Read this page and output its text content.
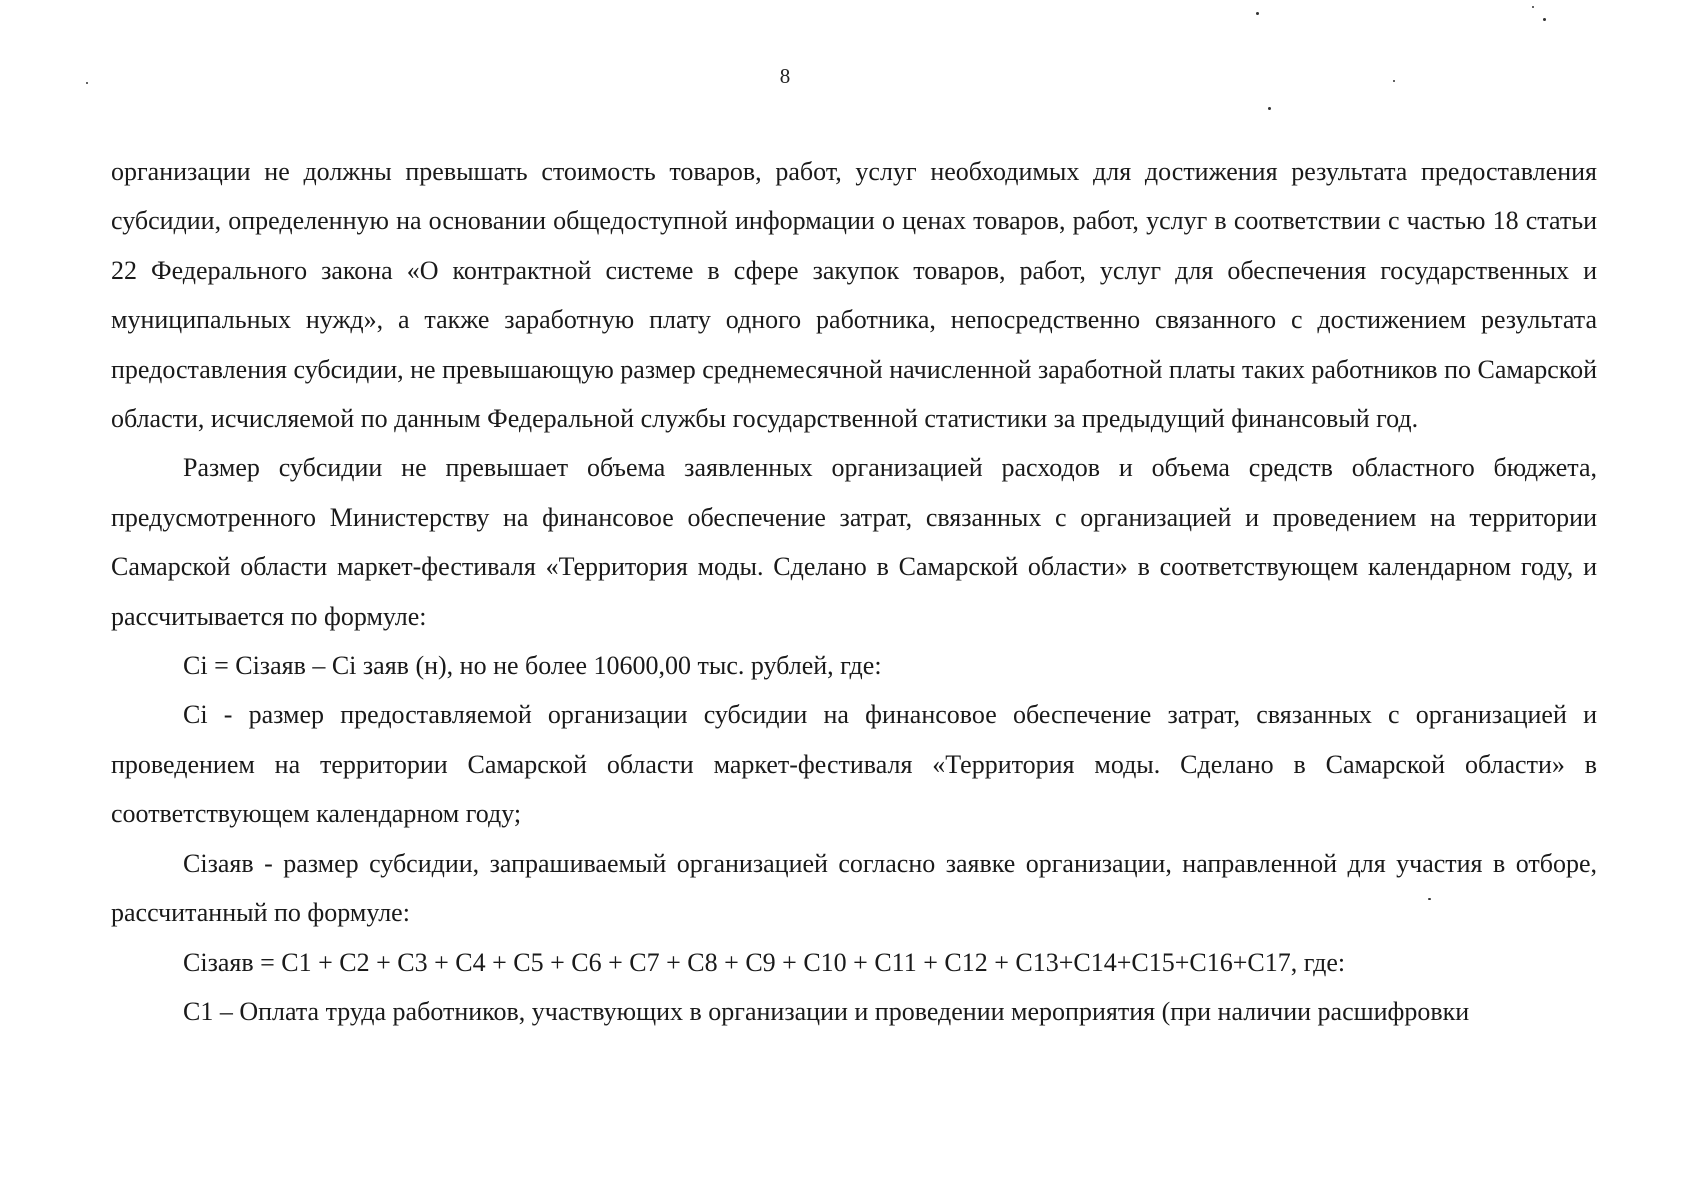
8

организации не должны превышать стоимость товаров, работ, услуг необходимых для достижения результата предоставления субсидии, определенную на основании общедоступной информации о ценах товаров, работ, услуг в соответствии с частью 18 статьи 22 Федерального закона «О контрактной системе в сфере закупок товаров, работ, услуг для обеспечения государственных и муниципальных нужд», а также заработную плату одного работника, непосредственно связанного с достижением результата предоставления субсидии, не превышающую размер среднемесячной начисленной заработной платы таких работников по Самарской области, исчисляемой по данным Федеральной службы государственной статистики за предыдущий финансовый год.

Размер субсидии не превышает объема заявленных организацией расходов и объема средств областного бюджета, предусмотренного Министерству на финансовое обеспечение затрат, связанных с организацией и проведением на территории Самарской области маркет-фестиваля «Территория моды. Сделано в Самарской области» в соответствующем календарном году, и рассчитывается по формуле:

Сi = Сiзаяв – Сi заяв (н), но не более 10600,00 тыс. рублей, где:

Сi - размер предоставляемой организации субсидии на финансовое обеспечение затрат, связанных с организацией и проведением на территории Самарской области маркет-фестиваля «Территория моды. Сделано в Самарской области» в соответствующем календарном году;

Сiзаяв - размер субсидии, запрашиваемый организацией согласно заявке организации, направленной для участия в отборе, рассчитанный по формуле:

Сiзаяв = С1 + С2 + С3 + С4 + С5 + С6 + С7 + С8 + С9 + С10 + С11 + С12 + С13+С14+С15+С16+С17, где:

С1 – Оплата труда работников, участвующих в организации и проведении мероприятия (при наличии расшифровки
